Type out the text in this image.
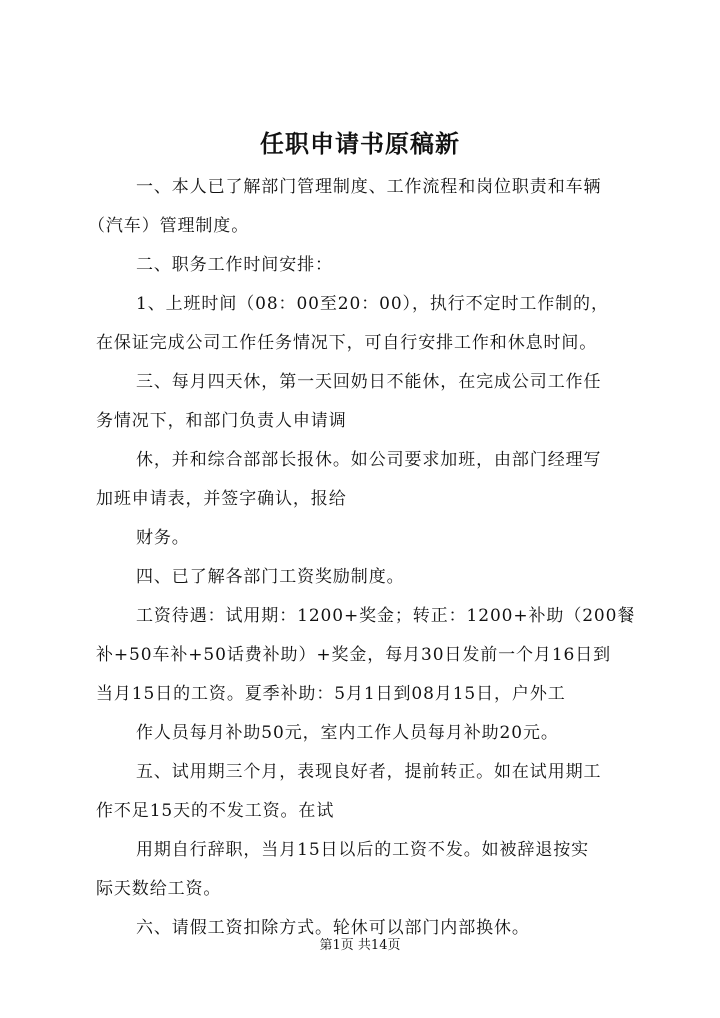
任职申请书原稿新
一、本人已了解部门管理制度、工作流程和岗位职责和车辆
（汽车）管理制度。
二、职务工作时间安排：
1、上班时间（08：00至20：00），执行不定时工作制的，
在保证完成公司工作任务情况下，可自行安排工作和休息时间。
三、每月四天休，第一天回奶日不能休，在完成公司工作任
务情况下，和部门负责人申请调
休，并和综合部部长报休。如公司要求加班，由部门经理写
加班申请表，并签字确认，报给
财务。
四、已了解各部门工资奖励制度。
工资待遇：试用期：1200+奖金；转正：1200+补助（200餐
补+50车补+50话费补助）+奖金，每月30日发前一个月16日到
当月15日的工资。夏季补助：5月1日到08月15日，户外工
作人员每月补助50元，室内工作人员每月补助20元。
五、试用期三个月，表现良好者，提前转正。如在试用期工
作不足15天的不发工资。在试
用期自行辞职，当月15日以后的工资不发。如被辞退按实
际天数给工资。
六、请假工资扣除方式。轮休可以部门内部换休。
第1页 共14页
